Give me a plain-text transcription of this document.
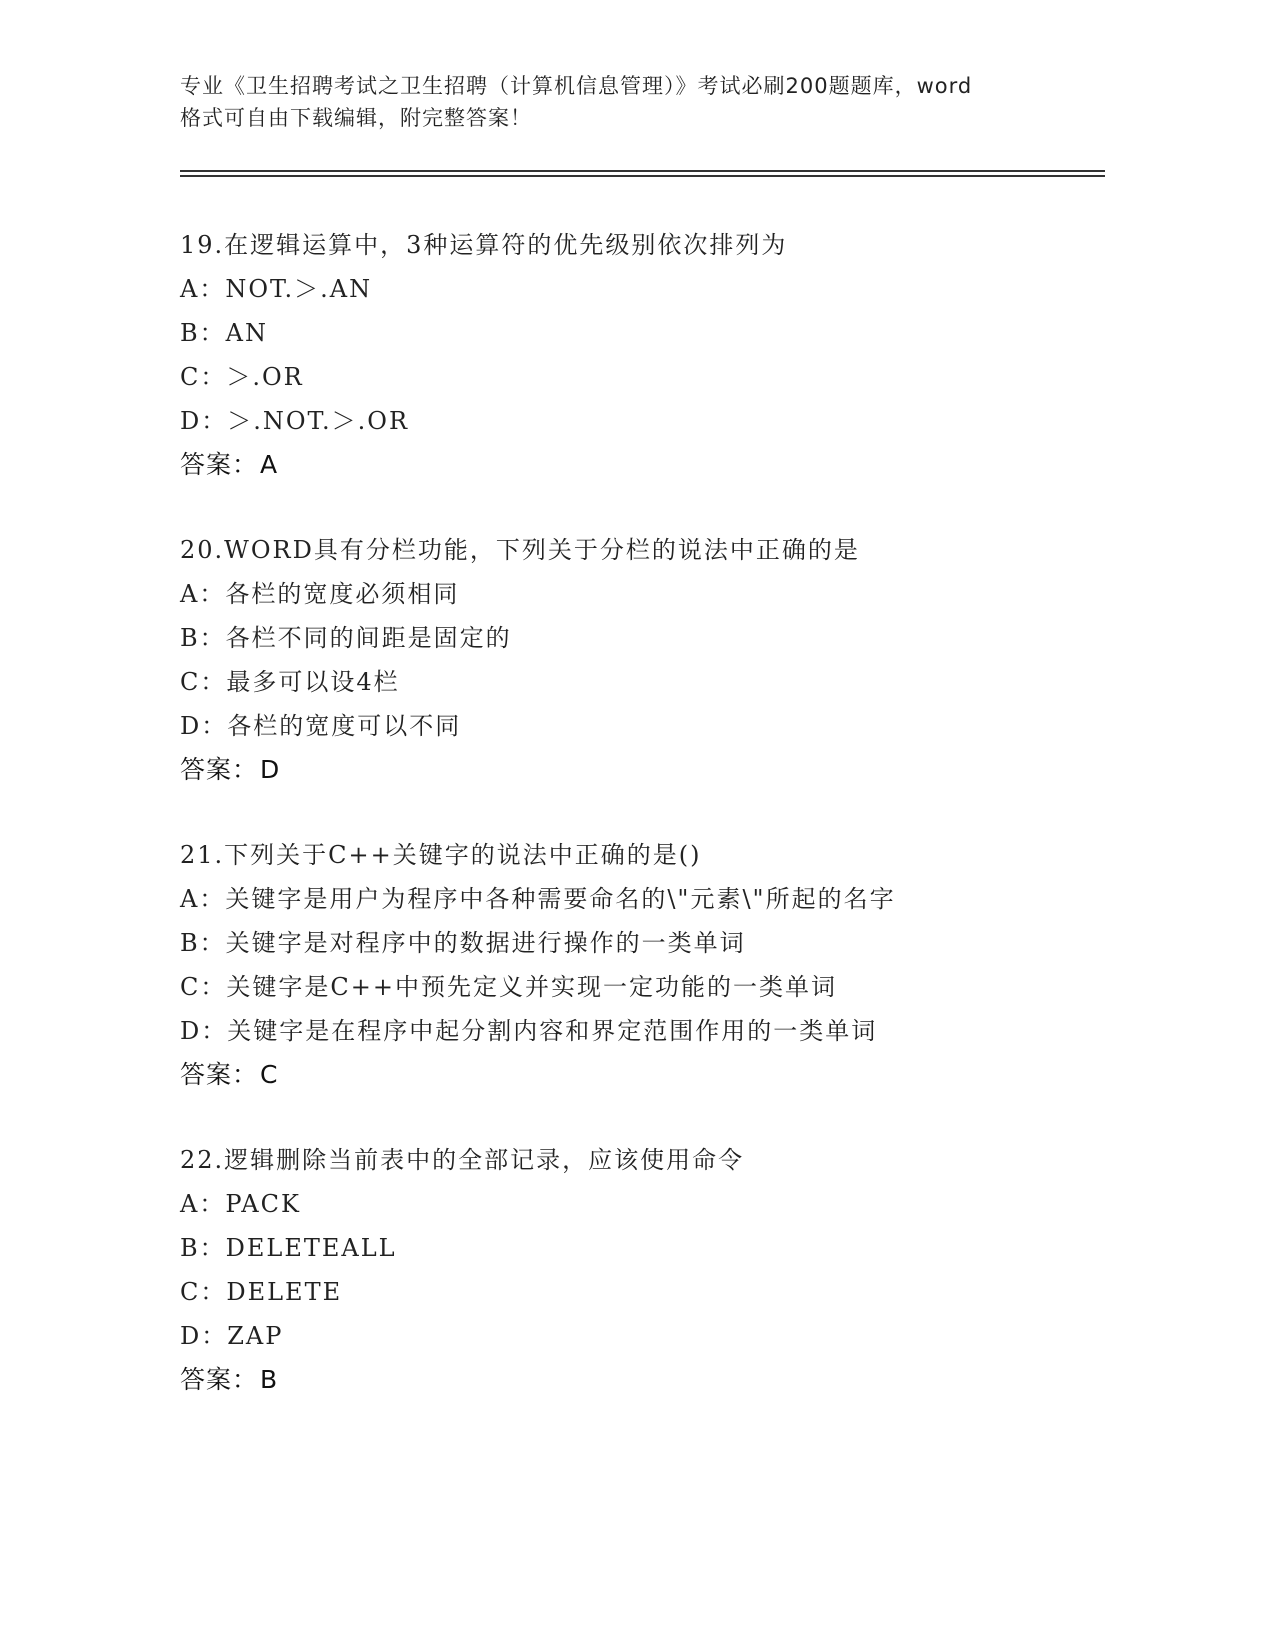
专业《卫生招聘考试之卫生招聘（计算机信息管理）》考试必刷200题题库，word
格式可自由下载编辑，附完整答案！
19.在逻辑运算中，3种运算符的优先级别依次排列为
A：NOT.＞.AN
B：AN
C：＞.OR
D：＞.NOT.＞.OR
答案：A
20.WORD具有分栏功能，下列关于分栏的说法中正确的是
A：各栏的宽度必须相同
B：各栏不同的间距是固定的
C：最多可以设4栏
D：各栏的宽度可以不同
答案：D
21.下列关于C++关键字的说法中正确的是()
A：关键字是用户为程序中各种需要命名的\"元素\"所起的名字
B：关键字是对程序中的数据进行操作的一类单词
C：关键字是C++中预先定义并实现一定功能的一类单词
D：关键字是在程序中起分割内容和界定范围作用的一类单词
答案：C
22.逻辑删除当前表中的全部记录，应该使用命令
A：PACK
B：DELETEALL
C：DELETE
D：ZAP
答案：B
